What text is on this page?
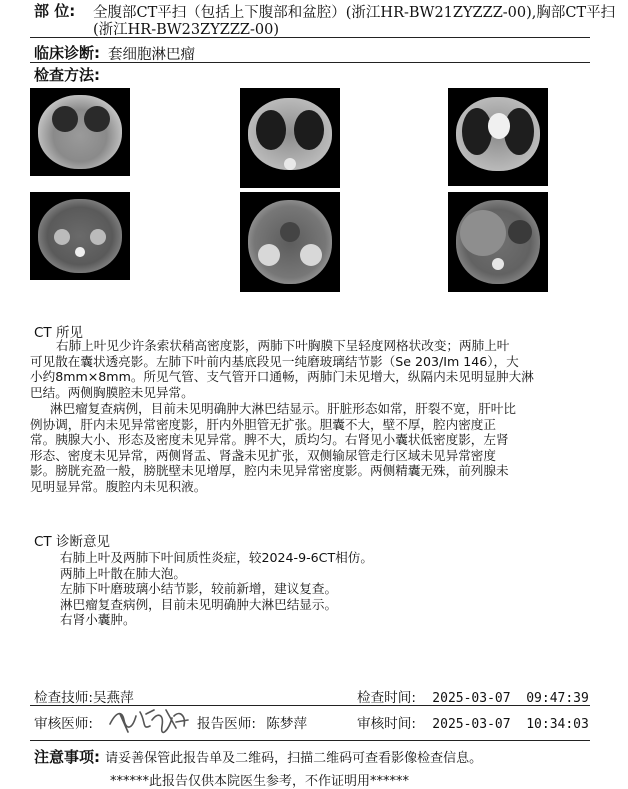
部 位: 全腹部CT平扫（包括上下腹部和盆腔）(浙江HR-BW21ZYZZZ-00),胸部CT平扫
(浙江HR-BW23ZYZZZ-00)
临床诊断: 套细胞淋巴瘤
检查方法:
CT 所见
右肺上叶见少许条索状稍高密度影，两肺下叶胸膜下呈轻度网格状改变；两肺上叶
可见散在囊状透亮影。左肺下叶前内基底段见一纯磨玻璃结节影（Se 203/Im 146），大
小约8mm×8mm。所见气管、支气管开口通畅，两肺门未见增大，纵隔内未见明显肿大淋
巴结。两侧胸膜腔未见异常。
淋巴瘤复查病例，目前未见明确肿大淋巴结显示。肝脏形态如常，肝裂不宽，肝叶比
例协调，肝内未见异常密度影，肝内外胆管无扩张。胆囊不大，壁不厚，腔内密度正
常。胰腺大小、形态及密度未见异常。脾不大，质均匀。右肾见小囊状低密度影，左肾
形态、密度未见异常，两侧肾盂、肾盏未见扩张，双侧输尿管走行区域未见异常密度
影。膀胱充盈一般，膀胱壁未见增厚，腔内未见异常密度影。两侧精囊无殊，前列腺未
见明显异常。腹腔内未见积液。
CT 诊断意见
右肺上叶及两肺下叶间质性炎症，较2024-9-6CT相仿。
两肺上叶散在肺大泡。
左肺下叶磨玻璃小结节影，较前新增，建议复查。
淋巴瘤复查病例，目前未见明确肿大淋巴结显示。
右肾小囊肿。
检查技师:吴燕萍	检查时间: 2025-03-07  09:47:39
审核医师:	报告医师: 陈梦萍	审核时间: 2025-03-07  10:34:03
注意事项: 请妥善保管此报告单及二维码，扫描二维码可查看影像检查信息。
******此报告仅供本院医生参考，不作证明用******
